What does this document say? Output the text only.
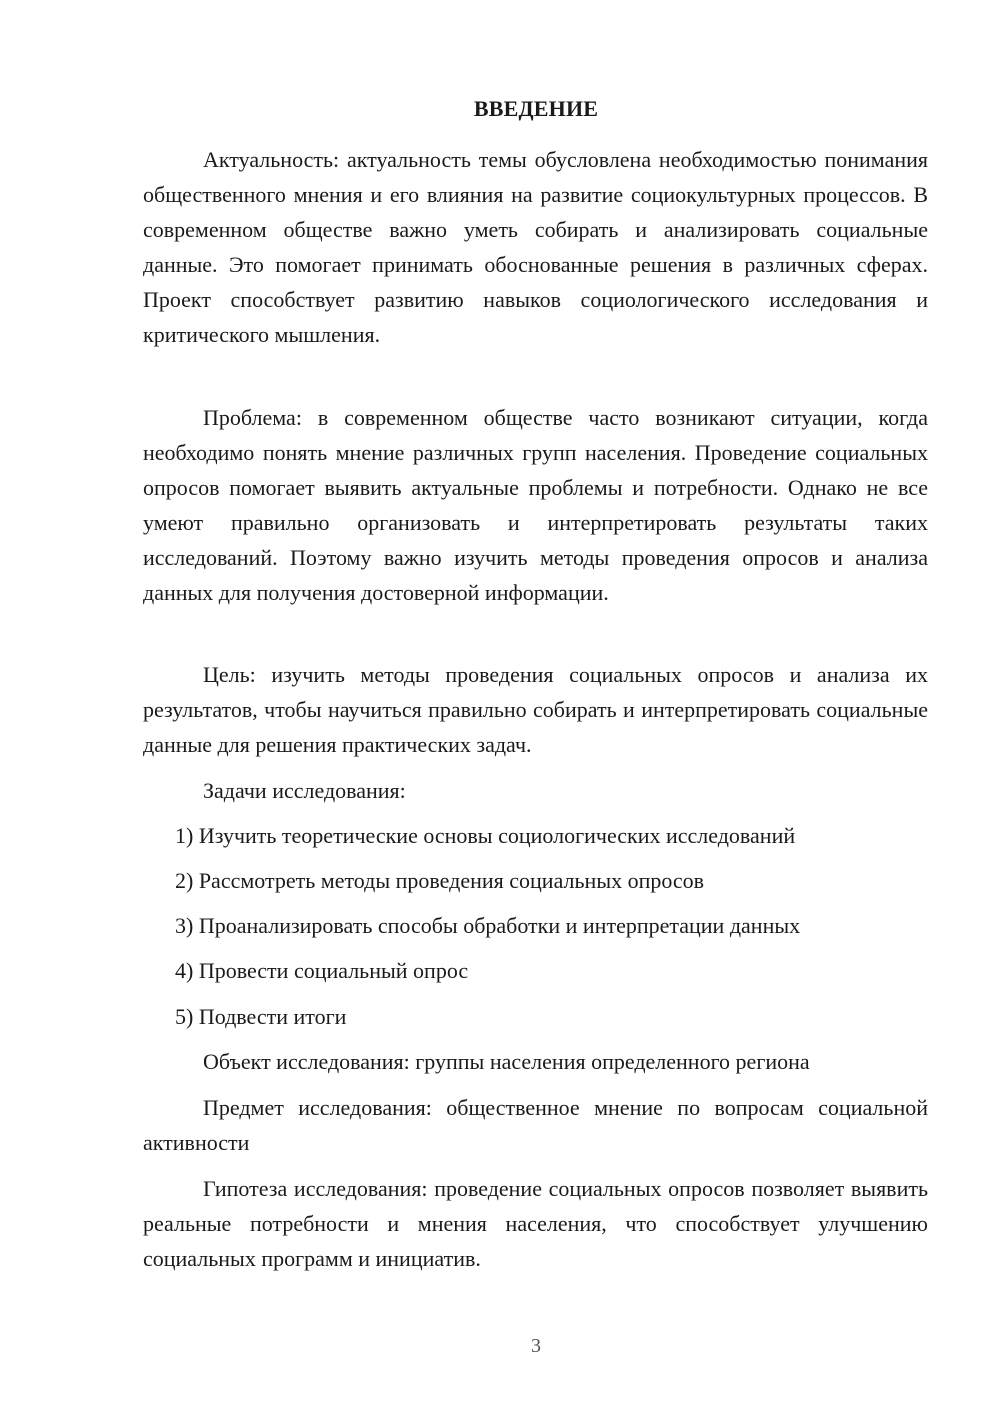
ВВЕДЕНИЕ

Актуальность: актуальность темы обусловлена необходимостью понимания общественного мнения и его влияния на развитие социокультурных процессов. В современном обществе важно уметь собирать и анализировать социальные данные. Это помогает принимать обоснованные решения в различных сферах. Проект способствует развитию навыков социологического исследования и критического мышления.

Проблема: в современном обществе часто возникают ситуации, когда необходимо понять мнение различных групп населения. Проведение социальных опросов помогает выявить актуальные проблемы и потребности. Однако не все умеют правильно организовать и интерпретировать результаты таких исследований. Поэтому важно изучить методы проведения опросов и анализа данных для получения достоверной информации.

Цель: изучить методы проведения социальных опросов и анализа их результатов, чтобы научиться правильно собирать и интерпретировать социальные данные для решения практических задач.

Задачи исследования:

1) Изучить теоретические основы социологических исследований

2) Рассмотреть методы проведения социальных опросов

3) Проанализировать способы обработки и интерпретации данных

4) Провести социальный опрос

5) Подвести итоги

Объект исследования: группы населения определенного региона

Предмет исследования: общественное мнение по вопросам социальной активности

Гипотеза исследования: проведение социальных опросов позволяет выявить реальные потребности и мнения населения, что способствует улучшению социальных программ и инициатив.

3
